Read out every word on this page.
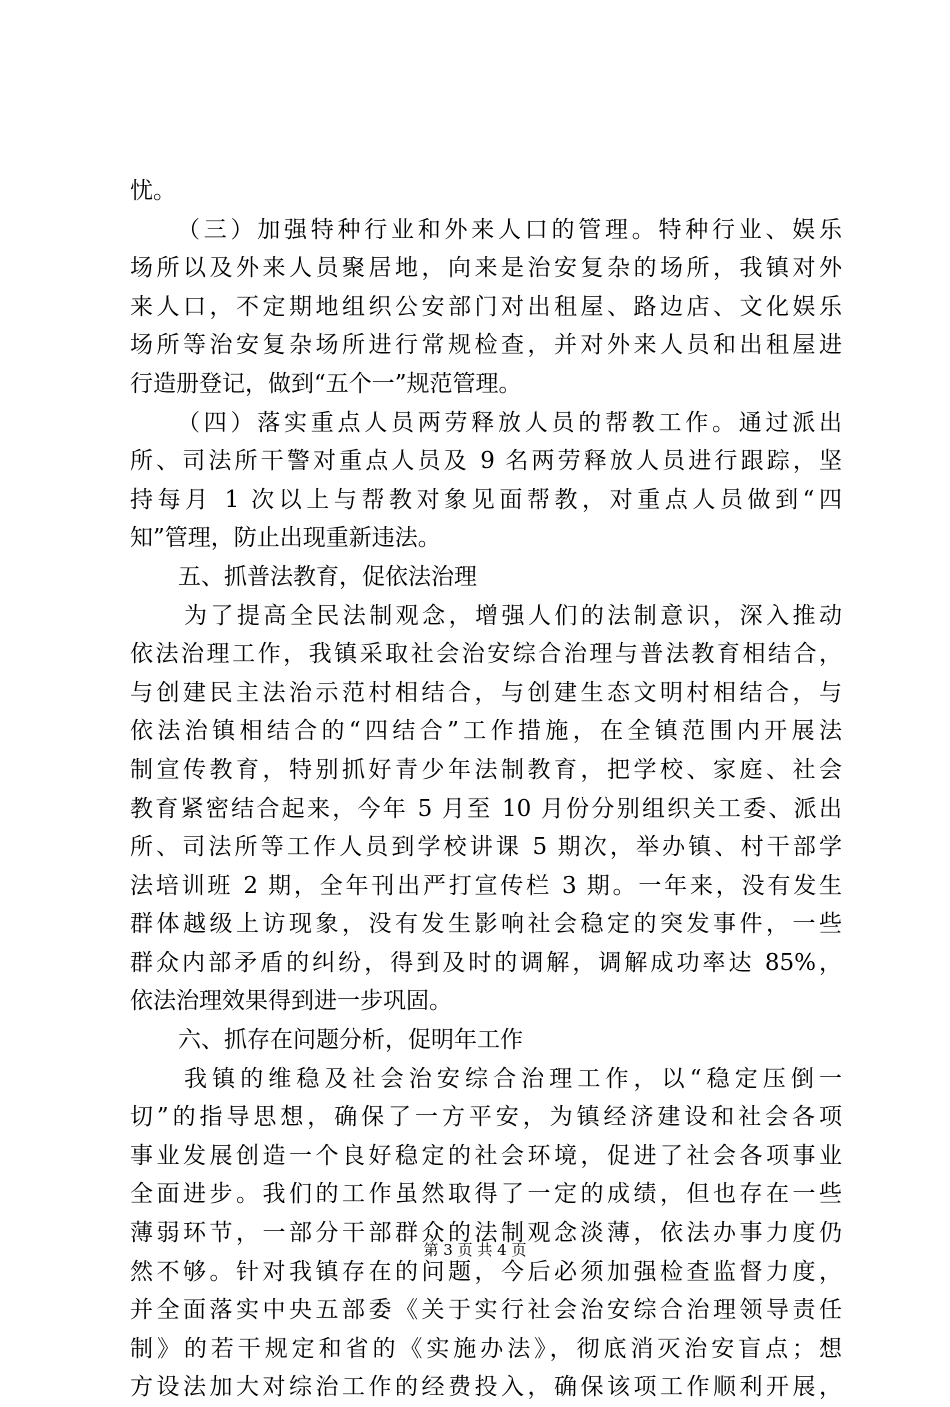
忧。
（三）加强特种行业和外来人口的管理。特种行业、娱乐
场所以及外来人员聚居地，向来是治安复杂的场所，我镇对外
来人口，不定期地组织公安部门对出租屋、路边店、文化娱乐
场所等治安复杂场所进行常规检查，并对外来人员和出租屋进
行造册登记，做到“五个一”规范管理。
（四）落实重点人员两劳释放人员的帮教工作。通过派出
所、司法所干警对重点人员及 9 名两劳释放人员进行跟踪，坚
持每月 1 次以上与帮教对象见面帮教，对重点人员做到“四
知”管理，防止出现重新违法。
五、抓普法教育，促依法治理
为了提高全民法制观念，增强人们的法制意识，深入推动
依法治理工作，我镇采取社会治安综合治理与普法教育相结合，
与创建民主法治示范村相结合，与创建生态文明村相结合，与
依法治镇相结合的“四结合”工作措施，在全镇范围内开展法
制宣传教育，特别抓好青少年法制教育，把学校、家庭、社会
教育紧密结合起来，今年 5 月至 10 月份分别组织关工委、派出
所、司法所等工作人员到学校讲课 5 期次，举办镇、村干部学
法培训班 2 期，全年刊出严打宣传栏 3 期。一年来，没有发生
群体越级上访现象，没有发生影响社会稳定的突发事件，一些
群众内部矛盾的纠纷，得到及时的调解，调解成功率达 85%，
依法治理效果得到进一步巩固。
六、抓存在问题分析，促明年工作
我镇的维稳及社会治安综合治理工作，以“稳定压倒一
切”的指导思想，确保了一方平安，为镇经济建设和社会各项
事业发展创造一个良好稳定的社会环境，促进了社会各项事业
全面进步。我们的工作虽然取得了一定的成绩，但也存在一些
薄弱环节，一部分干部群众的法制观念淡薄，依法办事力度仍
然不够。针对我镇存在的问题，今后必须加强检查监督力度，
并全面落实中央五部委《关于实行社会治安综合治理领导责任
制》的若干规定和省的《实施办法》，彻底消灭治安盲点；想
方设法加大对综治工作的经费投入，确保该项工作顺利开展，
第 3 页 共 4 页
